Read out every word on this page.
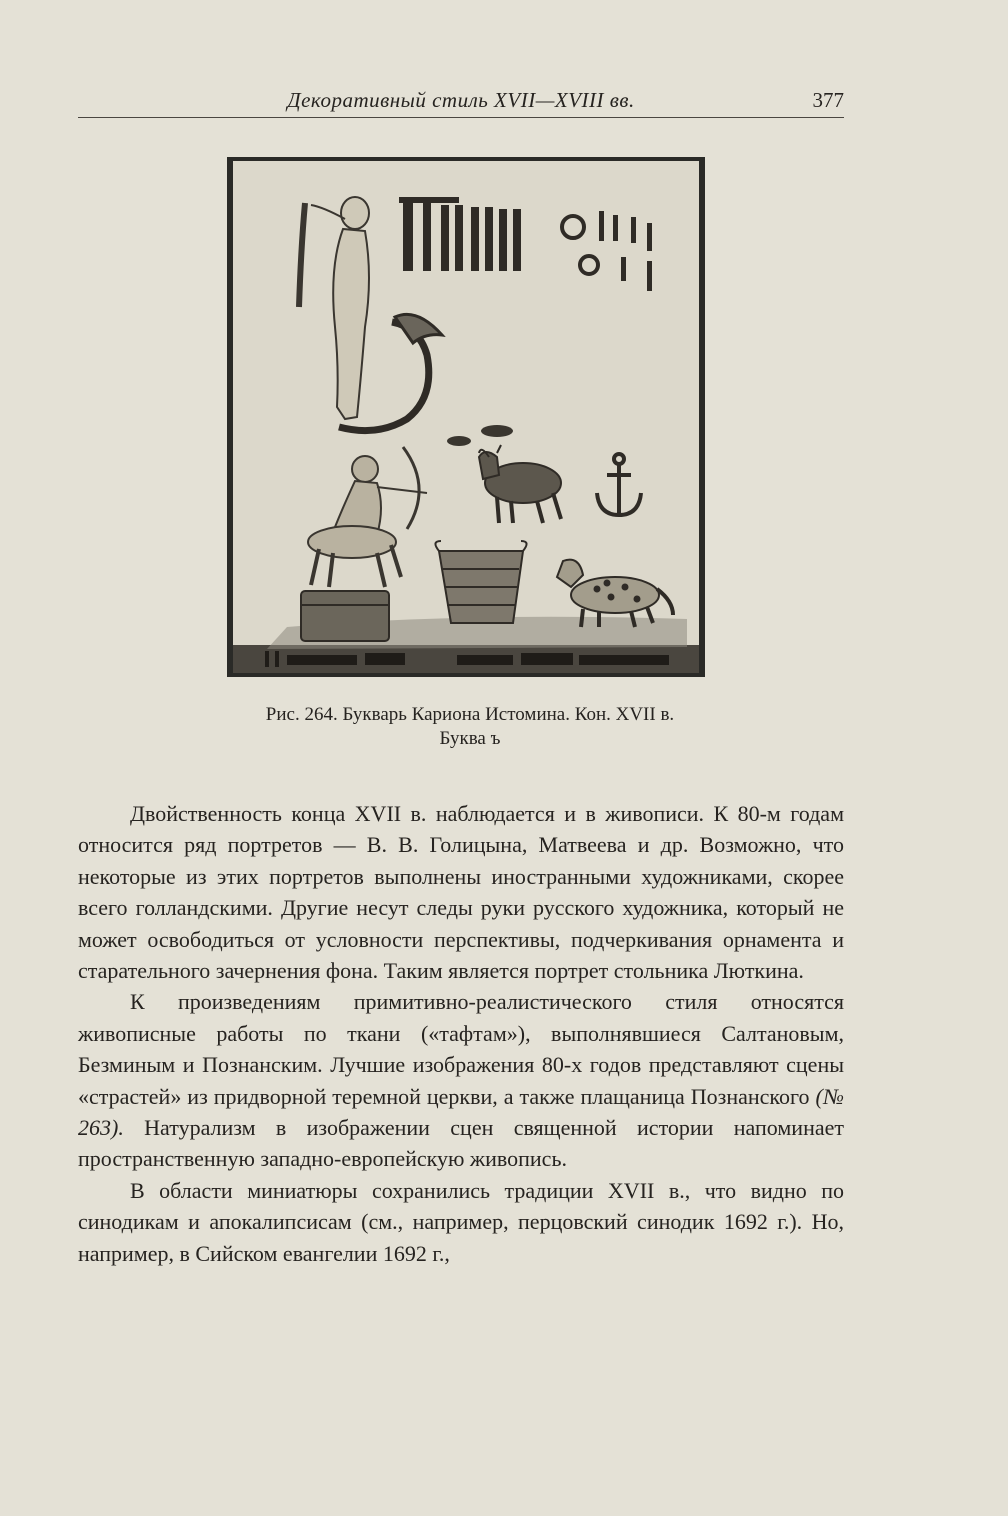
Декоративный стиль XVII—XVIII вв.	377
Рис. 264. Букварь Кариона Истомина. Кон. XVII в.
Буква ъ

Двойственность конца XVII в. наблюдается и в живописи. К 80-м годам относится ряд портретов — В. В. Голицына, Матвеева и др. Возможно, что некоторые из этих портретов выполнены иностранными художниками, скорее всего голландскими. Другие несут следы руки русского художника, который не может освободиться от условности перспективы, подчеркивания орнамента и старательного зачернения фона. Таким является портрет стольника Люткина.

К произведениям примитивно-реалистического стиля относятся живописные работы по ткани («тафтам»), выполнявшиеся Салтановым, Безминым и Познанским. Лучшие изображения 80-х годов представляют сцены «страстей» из придворной теремной церкви, а также плащаница Познанского (№ 263). Натурализм в изображении сцен священной истории напоминает пространственную западно-европейскую живопись.

В области миниатюры сохранились традиции XVII в., что видно по синодикам и апокалипсисам (см., например, перцовский синодик 1692 г.). Но, например, в Сийском евангелии 1692 г.,
